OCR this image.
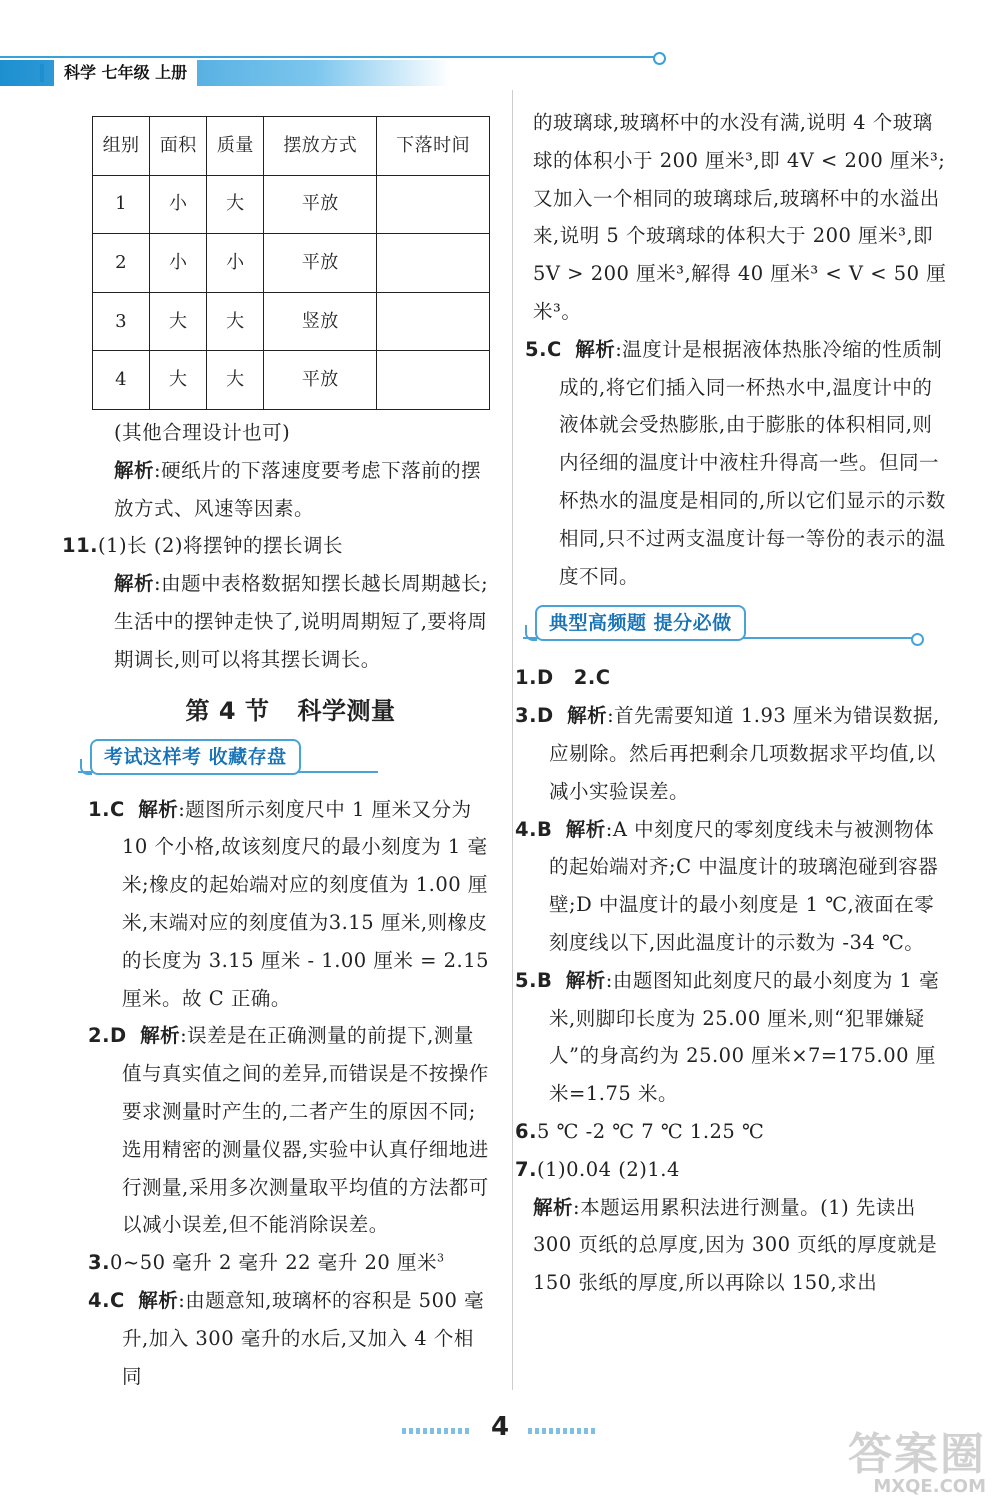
科学 七年级 上册
组别	面积	质量	摆放方式	下落时间
1	小	大	平放	
2	小	小	平放	
3	大	大	竖放	
4	大	大	平放	

(其他合理设计也可)

解析:硬纸片的下落速度要考虑下落前的摆放方式、风速等因素。

11.(1)长 (2)将摆钟的摆长调长

解析:由题中表格数据知摆长越长周期越长;生活中的摆钟走快了,说明周期短了,要将周期调长,则可以将其摆长调长。

第 4 节 科学测量
考试这样考 收藏存盘

1.C 解析:题图所示刻度尺中 1 厘米又分为 10 个小格,故该刻度尺的最小刻度为 1 毫米;橡皮的起始端对应的刻度值为 1.00 厘米,末端对应的刻度值为3.15 厘米,则橡皮的长度为 3.15 厘米 - 1.00 厘米 = 2.15 厘米。故 C 正确。

2.D 解析:误差是在正确测量的前提下,测量值与真实值之间的差异,而错误是不按操作要求测量时产生的,二者产生的原因不同;选用精密的测量仪器,实验中认真仔细地进行测量,采用多次测量取平均值的方法都可以减小误差,但不能消除误差。

3.0~50 毫升 2 毫升 22 毫升 20 厘米$^3$

4.C 解析:由题意知,玻璃杯的容积是 500 毫升,加入 300 毫升的水后,又加入 4 个相同

的玻璃球,玻璃杯中的水没有满,说明 4 个玻璃球的体积小于 200 厘米³,即 4V < 200 厘米³;又加入一个相同的玻璃球后,玻璃杯中的水溢出来,说明 5 个玻璃球的体积大于 200 厘米³,即 5V > 200 厘米³,解得 40 厘米³ < V < 50 厘米³。

5.C 解析:温度计是根据液体热胀冷缩的性质制成的,将它们插入同一杯热水中,温度计中的液体就会受热膨胀,由于膨胀的体积相同,则内径细的温度计中液柱升得高一些。但同一杯热水的温度是相同的,所以它们显示的示数相同,只不过两支温度计每一等份的表示的温度不同。

典型高频题 提分必做

1.D 2.C

3.D 解析:首先需要知道 1.93 厘米为错误数据,应剔除。然后再把剩余几项数据求平均值,以减小实验误差。

4.B 解析:A 中刻度尺的零刻度线未与被测物体的起始端对齐;C 中温度计的玻璃泡碰到容器壁;D 中温度计的最小刻度是 1 ℃,液面在零刻度线以下,因此温度计的示数为 -34 ℃。

5.B 解析:由题图知此刻度尺的最小刻度为 1 毫米,则脚印长度为 25.00 厘米,则“犯罪嫌疑人”的身高约为 25.00 厘米×7=175.00 厘米=1.75 米。

6.5 ℃ -2 ℃ 7 ℃ 1.25 ℃

7.(1)0.04 (2)1.4

解析:本题运用累积法进行测量。(1) 先读出 300 页纸的总厚度,因为 300 页纸的厚度就是 150 张纸的厚度,所以再除以 150,求出

4
答案圈
MXQE.COM
